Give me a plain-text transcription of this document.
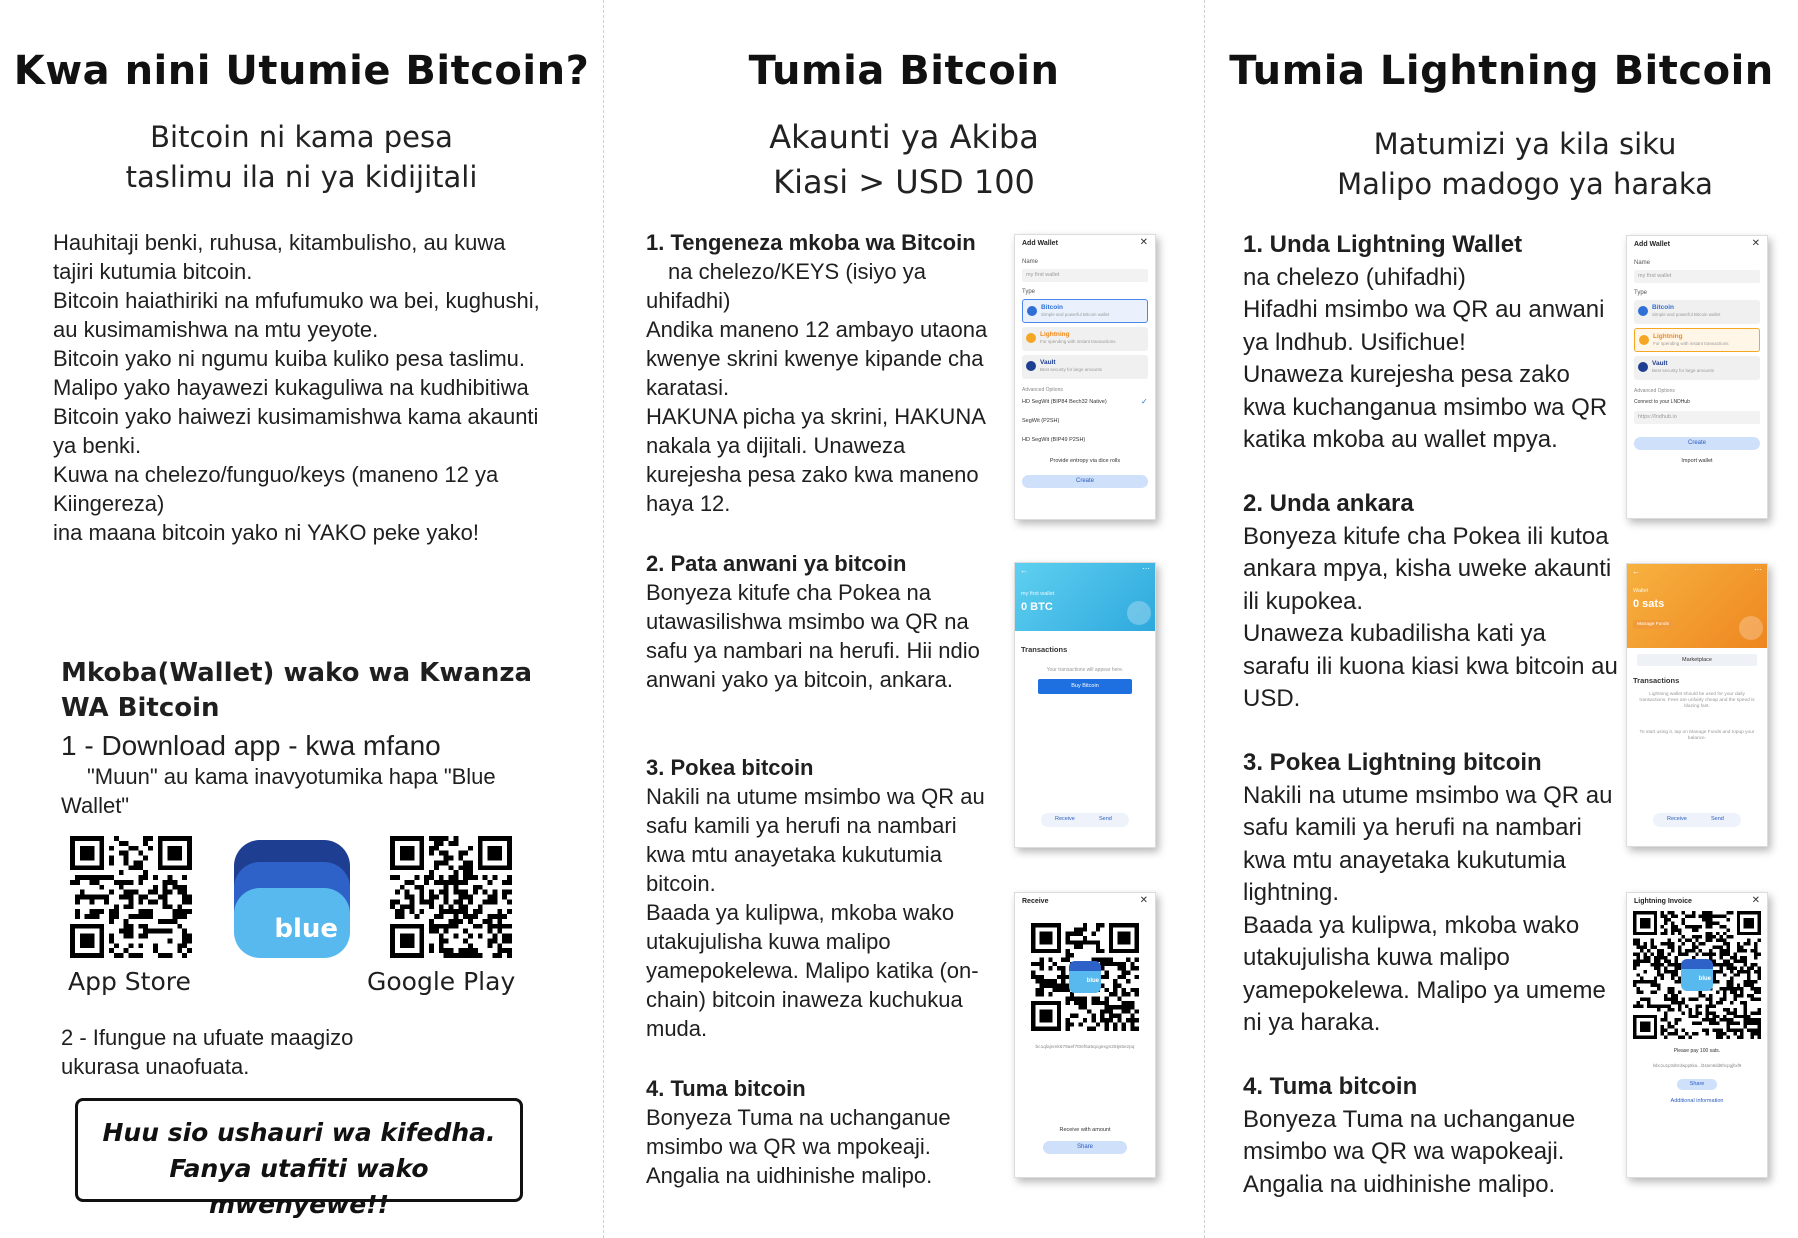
Kwa nini Utumie Bitcoin?
Bitcoin ni kama pesa
taslimu ila ni ya kidijitali

Hauhitaji benki, ruhusa, kitambulisho, au kuwa tajiri kutumia bitcoin.

Bitcoin haiathiriki na mfufumuko wa bei, kughushi,

au kusimamishwa na mtu yeyote.

Bitcoin yako ni ngumu kuiba kuliko pesa taslimu.

Malipo yako hayawezi kukaguliwa na kudhibitiwa

Bitcoin yako haiwezi kusimamishwa kama akaunti ya benki.

Kuwa na chelezo/funguo/keys (maneno 12 ya Kiingereza)

ina maana bitcoin yako ni YAKO peke yako!

Mkoba(Wallet) wako wa Kwanza WA Bitcoin
1 - Download app - kwa mfano
"Muun" au kama inavyotumika hapa "Blue Wallet"
blue
App Store	Google Play
2 - Ifungue na ufuate maagizo ukurasa unaofuata.
Huu sio ushauri wa kifedha.
Fanya utafiti wako mwenyewe!!
Tumia Bitcoin
Akaunti ya Akiba
Kiasi > USD 100

1. Tengeneza mkoba wa Bitcoin

na chelezo/KEYS (isiyo ya uhifadhi)

Andika maneno 12 ambayo utaona kwenye skrini kwenye kipande cha karatasi.

HAKUNA picha ya skrini, HAKUNA nakala ya dijitali. Unaweza kurejesha pesa zako kwa maneno haya 12.

2. Pata anwani ya bitcoin

Bonyeza kitufe cha Pokea na utawasilishwa msimbo wa QR na safu ya nambari na herufi. Hii ndio anwani yako ya bitcoin, ankara.

3. Pokea bitcoin

Nakili na utume msimbo wa QR au safu kamili ya herufi na nambari kwa mtu anayetaka kukutumia bitcoin.

Baada ya kulipwa, mkoba wako utakujulisha kuwa malipo yamepokelewa. Malipo katika (on-chain) bitcoin inaweza kuchukua muda.

4. Tuma bitcoin

Bonyeza Tuma na uchanganue msimbo wa QR wa mpokeaji. Angalia na uidhinishe malipo.

Add Wallet	✕
Name
my first wallet
Type
Bitcoin
Simple and powerful Bitcoin wallet
Lightning
For spending with instant transactions
Vault
Best security for large amounts
Advanced Options
HD SegWit (BIP84 Bech32 Native)	✓
SegWit (P2SH)
HD SegWit (BIP49 P2SH)
Provide entropy via dice rolls
Create
←	⋯
my first wallet
0 BTC
Transactions
Your transactions will appear here.
Buy Bitcoin
Receive	Send
Receive	✕
blue
bc1qlajnmk679aef7t0ef5a5qcgexgn25tjs5ezpq
Receive with amount
Share
Tumia Lightning Bitcoin
Matumizi ya kila siku
Malipo madogo ya haraka

1. Unda Lightning Wallet

na chelezo (uhifadhi)

Hifadhi msimbo wa QR au anwani ya lndhub. Usifichue!

Unaweza kurejesha pesa zako kwa kuchanganua msimbo wa QR katika mkoba au wallet mpya.

2. Unda ankara

Bonyeza kitufe cha Pokea ili kutoa ankara mpya, kisha uweke akaunti ili kupokea.

Unaweza kubadilisha kati ya sarafu ili kuona kiasi kwa bitcoin au USD.

3. Pokea Lightning bitcoin

Nakili na utume msimbo wa QR au safu kamili ya herufi na nambari kwa mtu anayetaka kukutumia lightning.

Baada ya kulipwa, mkoba wako utakujulisha kuwa malipo yamepokelewa. Malipo ya umeme ni ya haraka.

4. Tuma bitcoin

Bonyeza Tuma na uchanganue msimbo wa QR wa wapokeaji. Angalia na uidhinishe malipo.

Add Wallet	✕
Name
my first wallet
Type
Bitcoin
Simple and powerful Bitcoin wallet
Lightning
For spending with instant transactions
Vault
Best security for large amounts
Advanced Options
Connect to your LNDHub
https://lndhub.io
Create
Import wallet
←	⋯
Wallet
0 sats
Manage Funds
Marketplace
Transactions
Lightning wallet should be used for your daily transactions. Fees are unfairly cheap and the speed is blazing fast.
To start using it, tap on Manage Funds and topup your balance.
Receive	Send
Lightning Invoice	✕
blue
Please pay 100 sats.
lnbc1u1p3dtrrdwpp5ka...l34am6dd8hcpgjhxf9
Share
Additional information
